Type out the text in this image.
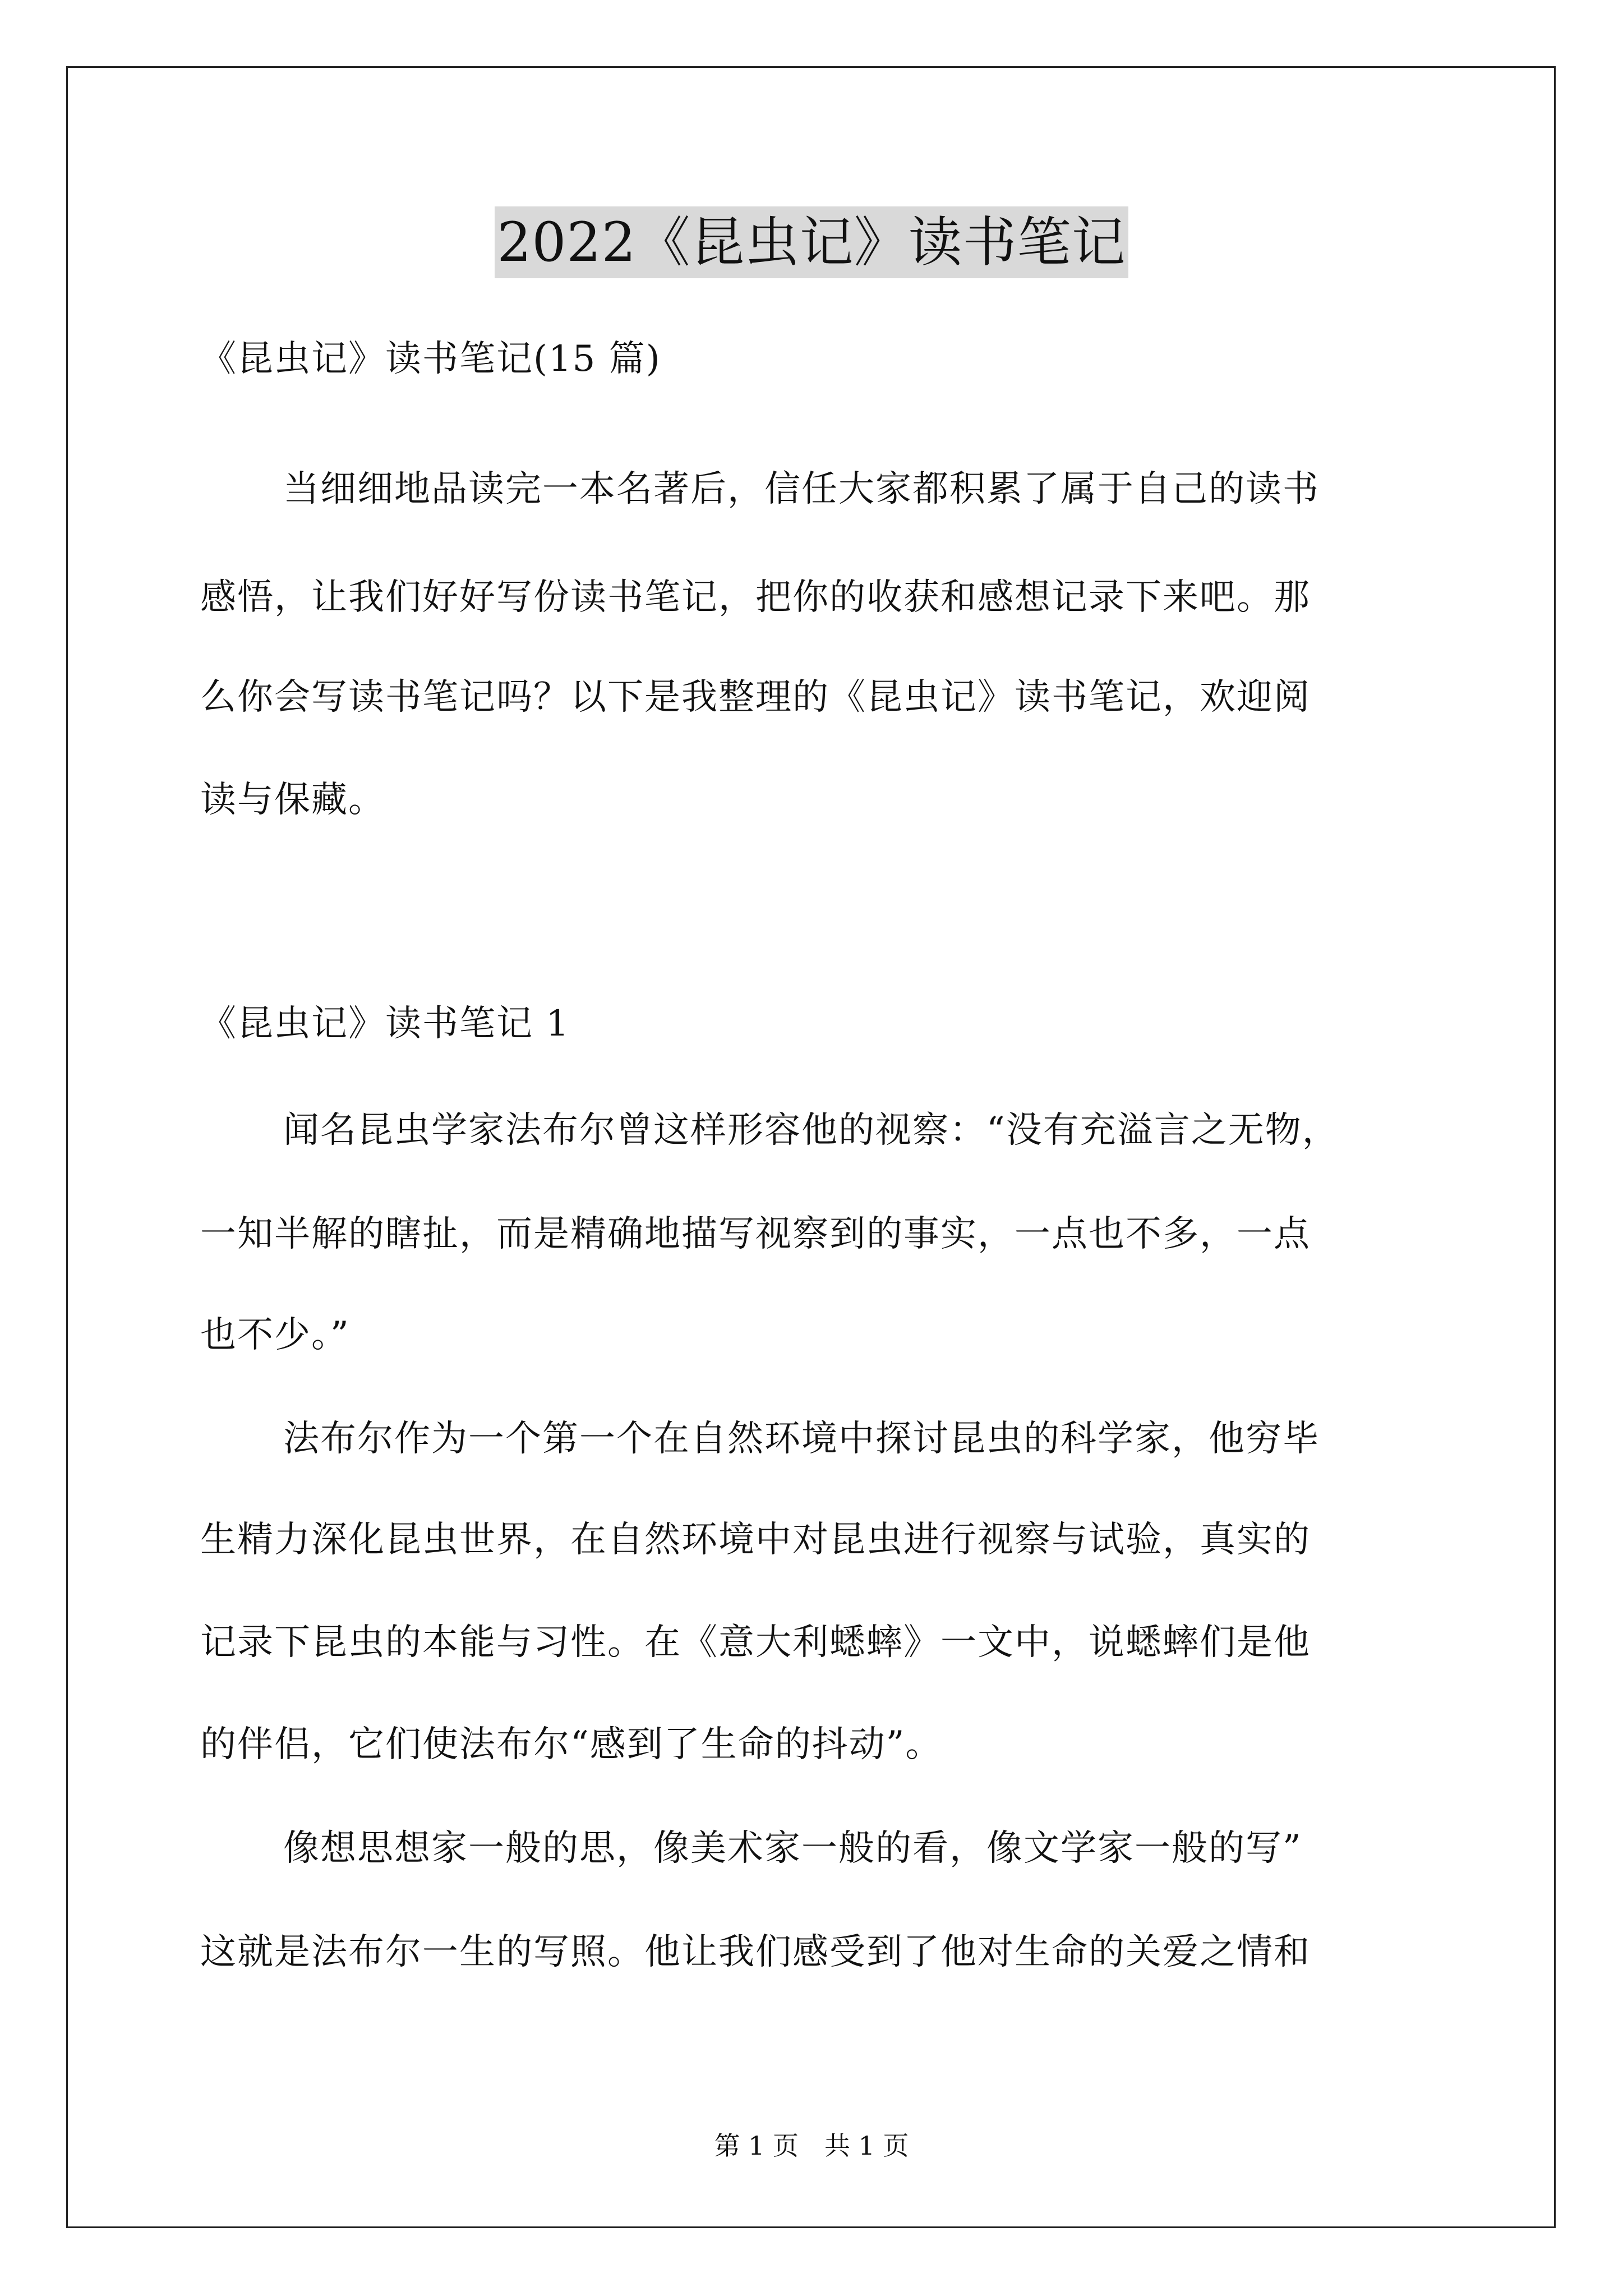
2022《昆虫记》读书笔记
《昆虫记》读书笔记(15 篇)
当细细地品读完一本名著后，信任大家都积累了属于自己的读书
感悟，让我们好好写份读书笔记，把你的收获和感想记录下来吧。那
么你会写读书笔记吗？以下是我整理的《昆虫记》读书笔记，欢迎阅
读与保藏。
《昆虫记》读书笔记 1
闻名昆虫学家法布尔曾这样形容他的视察：“没有充溢言之无物，
一知半解的瞎扯，而是精确地描写视察到的事实，一点也不多，一点
也不少。”
法布尔作为一个第一个在自然环境中探讨昆虫的科学家，他穷毕
生精力深化昆虫世界，在自然环境中对昆虫进行视察与试验，真实的
记录下昆虫的本能与习性。在《意大利蟋蟀》一文中，说蟋蟀们是他
的伴侣，它们使法布尔“感到了生命的抖动”。
像想思想家一般的思，像美术家一般的看，像文学家一般的写”
这就是法布尔一生的写照。他让我们感受到了他对生命的关爱之情和
第 1 页　共 1 页
